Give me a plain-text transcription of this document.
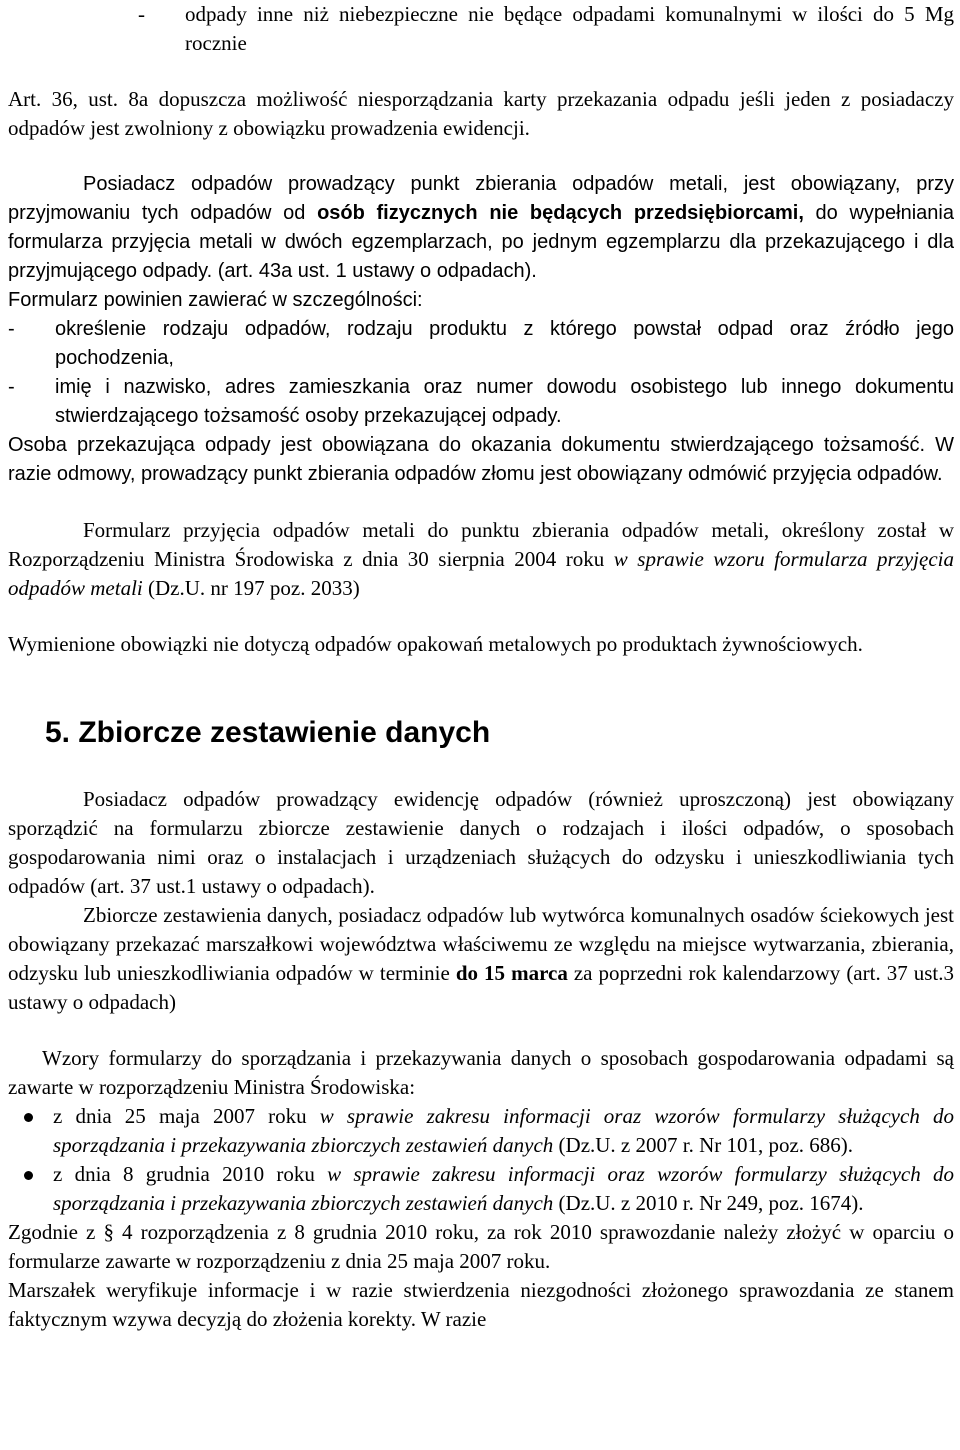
- odpady inne niż niebezpieczne nie będące odpadami komunalnymi w ilości do 5 Mg rocznie

Art. 36, ust. 8a dopuszcza możliwość niesporządzania karty przekazania odpadu jeśli jeden z posiadaczy odpadów jest zwolniony z obowiązku prowadzenia ewidencji.

Posiadacz odpadów prowadzący punkt zbierania odpadów metali, jest obowiązany, przy przyjmowaniu tych odpadów od osób fizycznych nie będących przedsiębiorcami, do wypełniania formularza przyjęcia metali w dwóch egzemplarzach, po jednym egzemplarzu dla przekazującego i dla przyjmującego odpady. (art. 43a ust. 1 ustawy o odpadach).

Formularz powinien zawierać w szczególności:

- określenie rodzaju odpadów, rodzaju produktu z którego powstał odpad oraz źródło jego pochodzenia,
- imię i nazwisko, adres zamieszkania oraz numer dowodu osobistego lub innego dokumentu stwierdzającego tożsamość osoby przekazującej odpady.

Osoba przekazująca odpady jest obowiązana do okazania dokumentu stwierdzającego tożsamość. W razie odmowy, prowadzący punkt zbierania odpadów złomu jest obowiązany odmówić przyjęcia odpadów.

Formularz przyjęcia odpadów metali do punktu zbierania odpadów metali, określony został w Rozporządzeniu Ministra Środowiska z dnia 30 sierpnia 2004 roku w sprawie wzoru formularza przyjęcia odpadów metali (Dz.U. nr 197 poz. 2033)

Wymienione obowiązki nie dotyczą odpadów opakowań metalowych po produktach żywnościowych.

5. Zbiorcze zestawienie danych

Posiadacz odpadów prowadzący ewidencję odpadów (również uproszczoną) jest obowiązany sporządzić na formularzu zbiorcze zestawienie danych o rodzajach i ilości odpadów, o sposobach gospodarowania nimi oraz o instalacjach i urządzeniach służących do odzysku i unieszkodliwiania tych odpadów (art. 37 ust.1 ustawy o odpadach).

Zbiorcze zestawienia danych, posiadacz odpadów lub wytwórca komunalnych osadów ściekowych jest obowiązany przekazać marszałkowi województwa właściwemu ze względu na miejsce wytwarzania, zbierania, odzysku lub unieszkodliwiania odpadów w terminie do 15 marca za poprzedni rok kalendarzowy (art. 37 ust.3 ustawy o odpadach)

Wzory formularzy do sporządzania i przekazywania danych o sposobach gospodarowania odpadami są zawarte w rozporządzeniu Ministra Środowiska:

z dnia 25 maja 2007 roku w sprawie zakresu informacji oraz wzorów formularzy służących do sporządzania i przekazywania zbiorczych zestawień danych (Dz.U. z 2007 r. Nr 101, poz. 686).
z dnia 8 grudnia 2010 roku w sprawie zakresu informacji oraz wzorów formularzy służących do sporządzania i przekazywania zbiorczych zestawień danych (Dz.U. z 2010 r. Nr 249, poz. 1674).

Zgodnie z § 4 rozporządzenia z 8 grudnia 2010 roku, za rok 2010 sprawozdanie należy złożyć w oparciu o formularze zawarte w rozporządzeniu z dnia 25 maja 2007 roku.

Marszałek weryfikuje informacje i w razie stwierdzenia niezgodności złożonego sprawozdania ze stanem faktycznym wzywa decyzją do złożenia korekty. W razie
